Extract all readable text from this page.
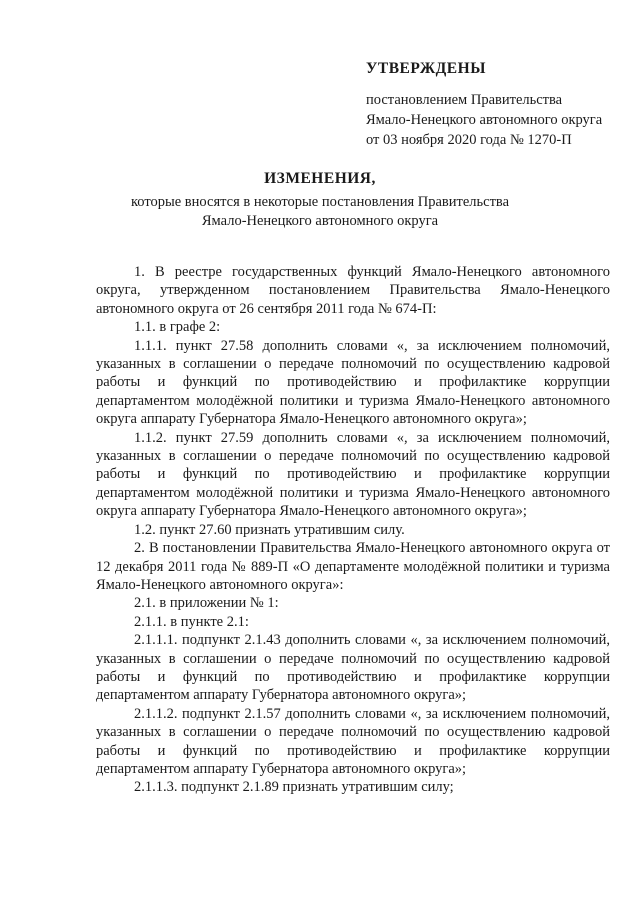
УТВЕРЖДЕНЫ
постановлением Правительства
Ямало-Ненецкого автономного округа
от 03 ноября 2020 года № 1270-П
ИЗМЕНЕНИЯ,
которые вносятся в некоторые постановления Правительства
Ямало-Ненецкого автономного округа

1. В реестре государственных функций Ямало-Ненецкого автономного округа, утвержденном постановлением Правительства Ямало-Ненецкого автономного округа от 26 сентября 2011 года № 674-П:

1.1. в графе 2:

1.1.1. пункт 27.58 дополнить словами «, за исключением полномочий, указанных в соглашении о передаче полномочий по осуществлению кадровой работы и функций по противодействию и профилактике коррупции департаментом молодёжной политики и туризма Ямало-Ненецкого автономного округа аппарату Губернатора Ямало-Ненецкого автономного округа»;

1.1.2. пункт 27.59 дополнить словами «, за исключением полномочий, указанных в соглашении о передаче полномочий по осуществлению кадровой работы и функций по противодействию и профилактике коррупции департаментом молодёжной политики и туризма Ямало-Ненецкого автономного округа аппарату Губернатора Ямало-Ненецкого автономного округа»;

1.2. пункт 27.60 признать утратившим силу.

2. В постановлении Правительства Ямало-Ненецкого автономного округа от 12 декабря 2011 года № 889-П «О департаменте молодёжной политики и туризма Ямало-Ненецкого автономного округа»:

2.1. в приложении № 1:

2.1.1. в пункте 2.1:

2.1.1.1. подпункт 2.1.43 дополнить словами «, за исключением полномочий, указанных в соглашении о передаче полномочий по осуществлению кадровой работы и функций по противодействию и профилактике коррупции департаментом аппарату Губернатора автономного округа»;

2.1.1.2. подпункт 2.1.57 дополнить словами «, за исключением полномочий, указанных в соглашении о передаче полномочий по осуществлению кадровой работы и функций по противодействию и профилактике коррупции департаментом аппарату Губернатора автономного округа»;

2.1.1.3. подпункт 2.1.89 признать утратившим силу;
